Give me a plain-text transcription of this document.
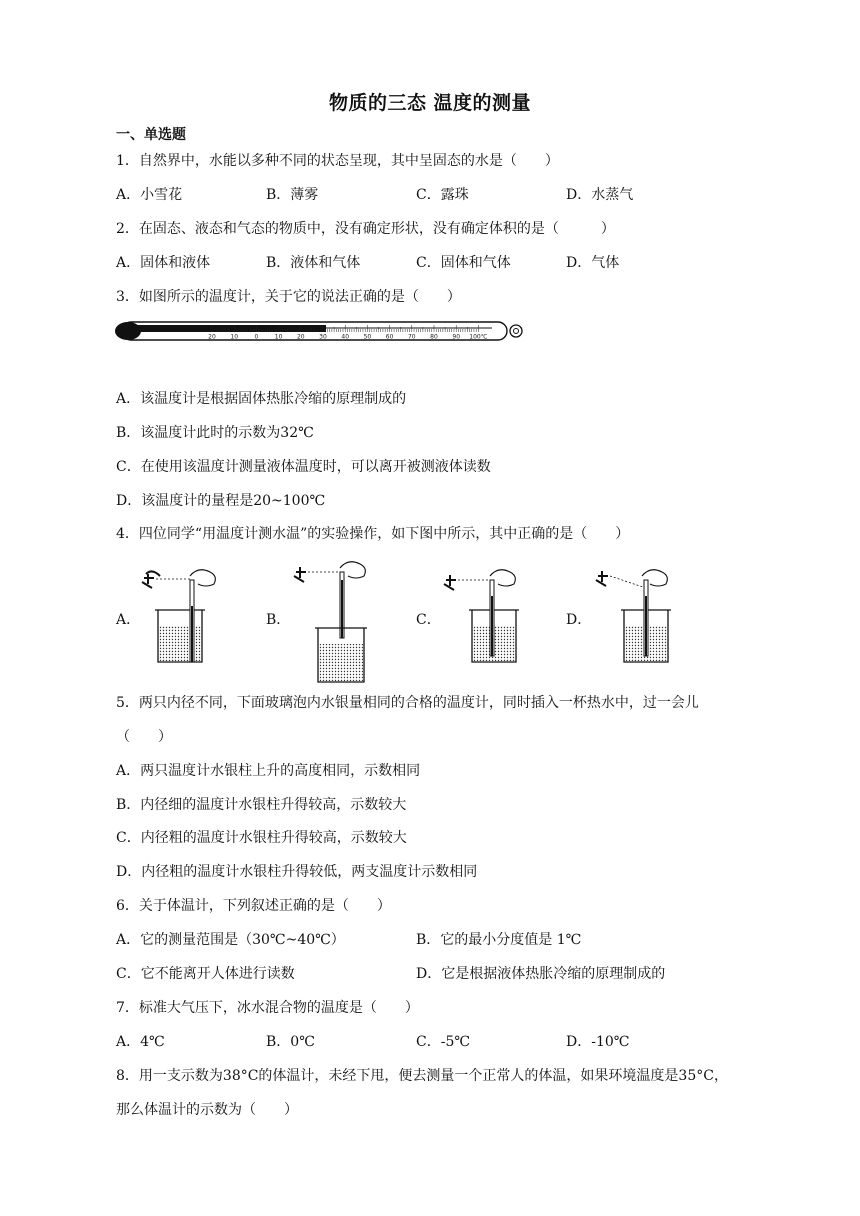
物质的三态 温度的测量
一、单选题
1．自然界中，水能以多种不同的状态呈现，其中呈固态的水是（　　）
A．小雪花	B．薄雾	C．露珠	D．水蒸气
2．在固态、液态和气态的物质中，没有确定形状，没有确定体积的是（　　　）
A．固体和液体	B．液体和气体	C．固体和气体	D．气体
3．如图所示的温度计，关于它的说法正确的是（　　）
20 10	0	10 20 30 40 50 60 70 80 90 100℃
A．该温度计是根据固体热胀冷缩的原理制成的
B．该温度计此时的示数为32℃
C．在使用该温度计测量液体温度时，可以离开被测液体读数
D．该温度计的量程是20~100℃
4．四位同学“用温度计测水温”的实验操作，如下图中所示，其中正确的是（　　）
A．	B．	C．	D．
5．两只内径不同，下面玻璃泡内水银量相同的合格的温度计，同时插入一杯热水中，过一会儿
（　　）
A．两只温度计水银柱上升的高度相同，示数相同
B．内径细的温度计水银柱升得较高，示数较大
C．内径粗的温度计水银柱升得较高，示数较大
D．内径粗的温度计水银柱升得较低，两支温度计示数相同
6．关于体温计，下列叙述正确的是（　　）
A．它的测量范围是（30℃~40℃）	B．它的最小分度值是 1℃
C．它不能离开人体进行读数	D．它是根据液体热胀冷缩的原理制成的
7．标准大气压下，冰水混合物的温度是（　　）
A．4℃	B．0℃	C．-5℃	D．-10℃
8．用一支示数为38°C的体温计，未经下甩，便去测量一个正常人的体温，如果环境温度是35°C，
那么体温计的示数为（　　）
